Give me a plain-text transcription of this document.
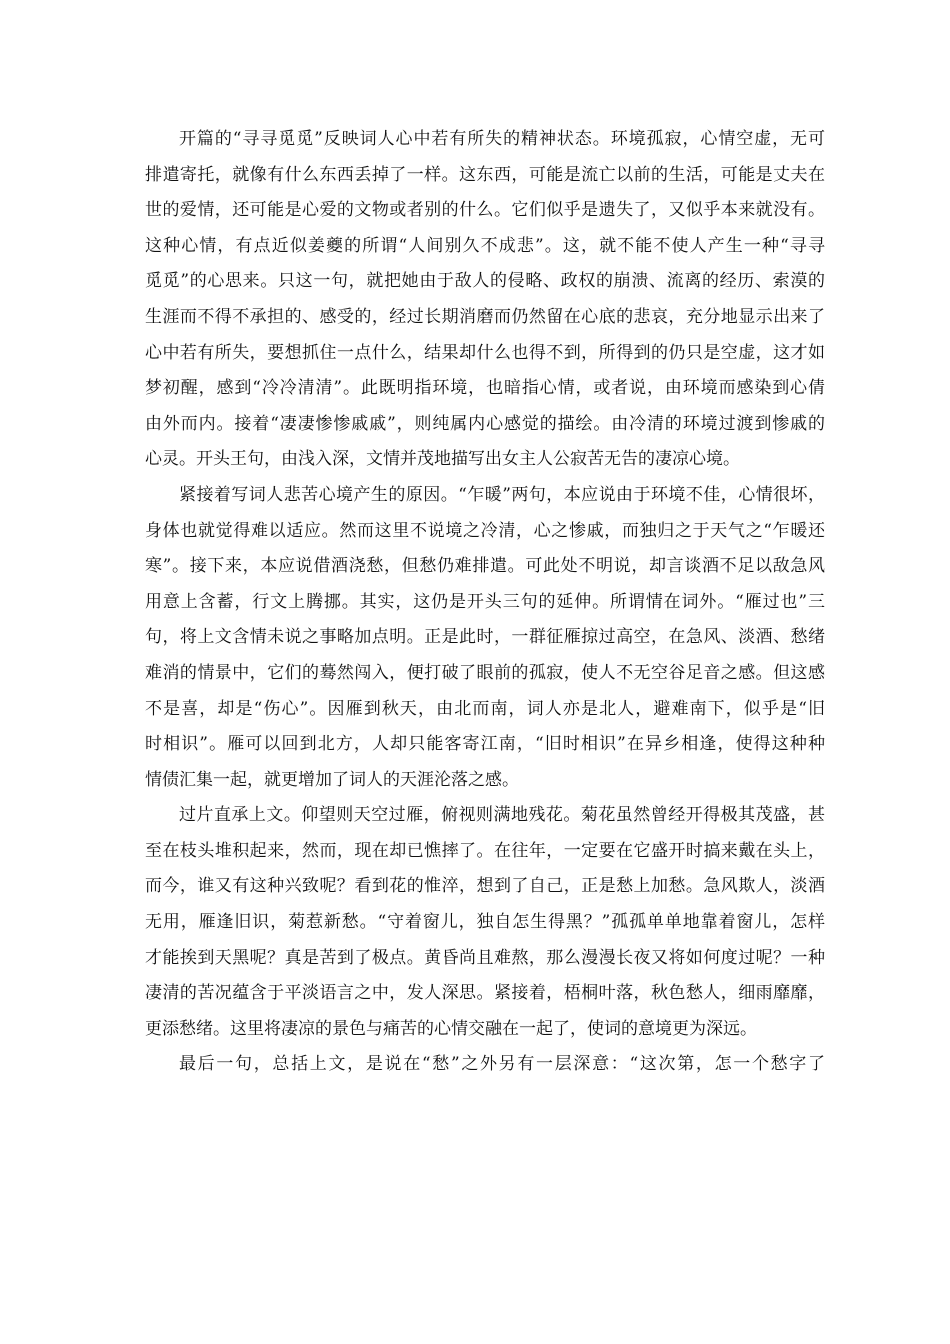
开篇的“寻寻觅觅”反映词人心中若有所失的精神状态。环境孤寂，心情空虚，无可
排遣寄托，就像有什么东西丢掉了一样。这东西，可能是流亡以前的生活，可能是丈夫在
世的爱情，还可能是心爱的文物或者别的什么。它们似乎是遗失了，又似乎本来就没有。
这种心情，有点近似姜夔的所谓“人间别久不成悲”。这，就不能不使人产生一种“寻寻
觅觅”的心思来。只这一句，就把她由于敌人的侵略、政权的崩溃、流离的经历、索漠的
生涯而不得不承担的、感受的，经过长期消磨而仍然留在心底的悲哀，充分地显示出来了
心中若有所失，要想抓住一点什么，结果却什么也得不到，所得到的仍只是空虚，这才如
梦初醒，感到“冷冷清清”。此既明指环境，也暗指心情，或者说，由环境而感染到心倩
由外而内。接着“凄凄惨惨戚戚”，则纯属内心感觉的描绘。由冷清的环境过渡到惨戚的
心灵。开头王句，由浅入深，文情并茂地描写出女主人公寂苦无告的凄凉心境。
紧接着写词人悲苦心境产生的原因。“乍暖”两句，本应说由于环境不佳，心情很坏，
身体也就觉得难以适应。然而这里不说境之冷清，心之惨戚，而独归之于天气之“乍暖还
寒”。接下来，本应说借酒浇愁，但愁仍难排遣。可此处不明说，却言谈酒不足以敌急风
用意上含蓄，行文上腾挪。其实，这仍是开头三句的延伸。所谓情在词外。“雁过也”三
句，将上文含情未说之事略加点明。正是此时，一群征雁掠过高空，在急风、淡酒、愁绪
难消的情景中，它们的蓦然闯入，便打破了眼前的孤寂，使人不无空谷足音之感。但这感
不是喜，却是“伤心”。因雁到秋天，由北而南，词人亦是北人，避难南下，似乎是“旧
时相识”。雁可以回到北方，人却只能客寄江南，“旧时相识”在异乡相逢，使得这种种
情债汇集一起，就更增加了词人的天涯沦落之感。
过片直承上文。仰望则天空过雁，俯视则满地残花。菊花虽然曾经开得极其茂盛，甚
至在枝头堆积起来，然而，现在却已憔摔了。在往年，一定要在它盛开时搞来戴在头上，
而今，谁又有这种兴致呢？看到花的惟淬，想到了自己，正是愁上加愁。急风欺人，淡酒
无用，雁逢旧识，菊惹新愁。“守着窗儿，独自怎生得黑？”孤孤单单地靠着窗儿，怎样
才能挨到天黑呢？真是苦到了极点。黄昏尚且难熬，那么漫漫长夜又将如何度过呢？一种
凄清的苦况蕴含于平淡语言之中，发人深思。紧接着，梧桐叶落，秋色愁人，细雨靡靡，
更添愁绪。这里将凄凉的景色与痛苦的心情交融在一起了，使词的意境更为深远。
最后一句，总括上文，是说在“愁”之外另有一层深意：“这次第，怎一个愁字了
